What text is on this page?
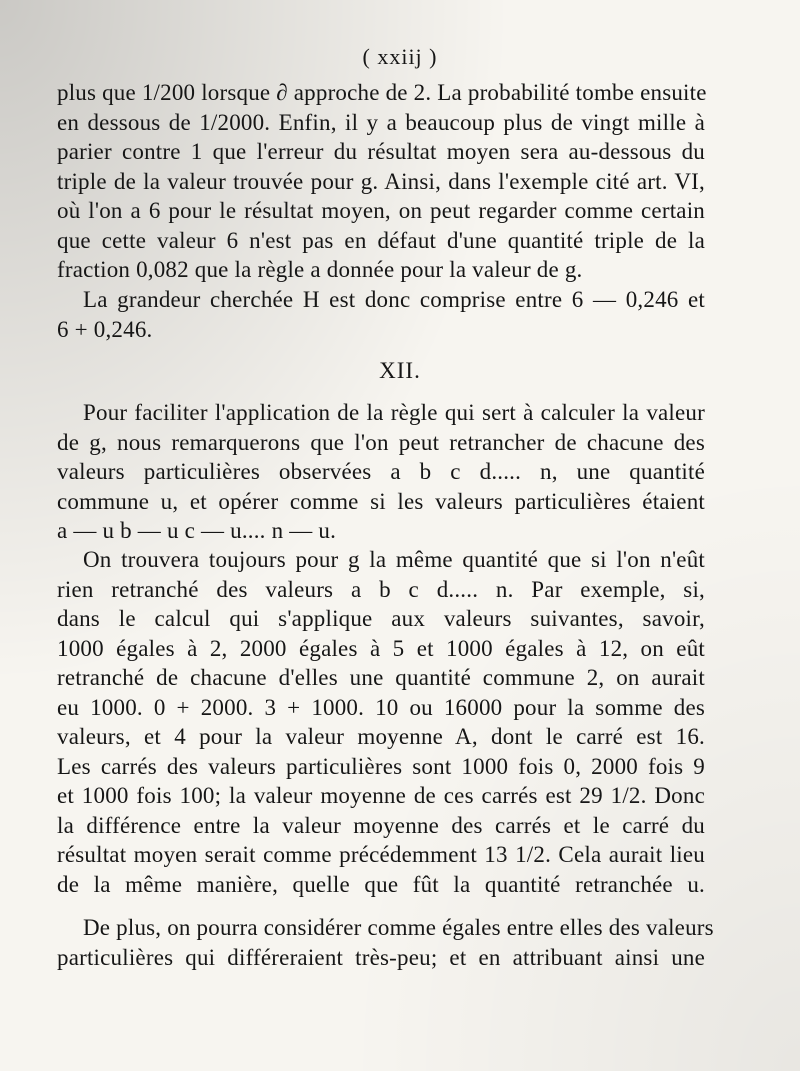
( xxiij )
plus que 1/200 lorsque ∂ approche de 2. La probabilité tombe ensuite
en dessous de 1/2000. Enfin, il y a beaucoup plus de vingt mille à
parier contre 1 que l'erreur du résultat moyen sera au-dessous du
triple de la valeur trouvée pour g. Ainsi, dans l'exemple cité art. VI,
où l'on a 6 pour le résultat moyen, on peut regarder comme certain
que cette valeur 6 n'est pas en défaut d'une quantité triple de la
fraction 0,082 que la règle a donnée pour la valeur de g.
La grandeur cherchée H est donc comprise entre 6 — 0,246 et
6 + 0,246.
XII.
Pour faciliter l'application de la règle qui sert à calculer la valeur
de g, nous remarquerons que l'on peut retrancher de chacune des
valeurs particulières observées a b c d..... n, une quantité
commune u, et opérer comme si les valeurs particulières étaient
a — u b — u c — u.... n — u.
On trouvera toujours pour g la même quantité que si l'on n'eût
rien retranché des valeurs a b c d..... n. Par exemple, si,
dans le calcul qui s'applique aux valeurs suivantes, savoir,
1000 égales à 2, 2000 égales à 5 et 1000 égales à 12, on eût
retranché de chacune d'elles une quantité commune 2, on aurait
eu 1000. 0 + 2000. 3 + 1000. 10 ou 16000 pour la somme des
valeurs, et 4 pour la valeur moyenne A, dont le carré est 16.
Les carrés des valeurs particulières sont 1000 fois 0, 2000 fois 9
et 1000 fois 100; la valeur moyenne de ces carrés est 29 1/2. Donc
la différence entre la valeur moyenne des carrés et le carré du
résultat moyen serait comme précédemment 13 1/2. Cela aurait lieu
de la même manière, quelle que fût la quantité retranchée u.
De plus, on pourra considérer comme égales entre elles des valeurs
particulières qui différeraient très-peu; et en attribuant ainsi une
